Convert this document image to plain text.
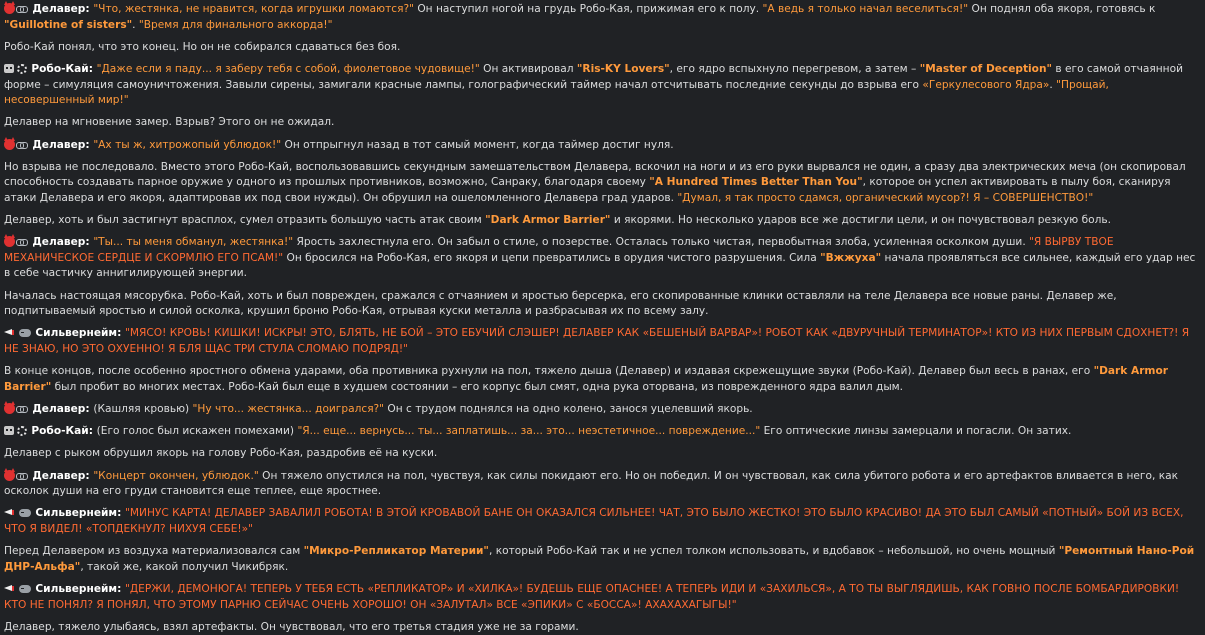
Делавер: "Что, жестянка, не нравится, когда игрушки ломаются?" Он наступил ногой на грудь Робо-Кая, прижимая его к полу. "А ведь я только начал веселиться!" Он поднял оба якоря, готовясь к "Guillotine of sisters". "Время для финального аккорда!"
Робо-Кай понял, что это конец. Но он не собирался сдаваться без боя.
Робо-Кай: "Даже если я паду... я заберу тебя с собой, фиолетовое чудовище!" Он активировал "Ris-KY Lovers", его ядро вспыхнуло перегревом, а затем – "Master of Deception" в его самой отчаянной форме – симуляция самоуничтожения. Завыли сирены, замигали красные лампы, голографический таймер начал отсчитывать последние секунды до взрыва его «Геркулесового Ядра». "Прощай, несовершенный мир!"
Делавер на мгновение замер. Взрыв? Этого он не ожидал.
Делавер: "Ах ты ж, хитрожопый ублюдок!" Он отпрыгнул назад в тот самый момент, когда таймер достиг нуля.
Но взрыва не последовало. Вместо этого Робо-Кай, воспользовавшись секундным замешательством Делавера, вскочил на ноги и из его руки вырвался не один, а сразу два электрических меча (он скопировал способность создавать парное оружие у одного из прошлых противников, возможно, Санраку, благодаря своему "A Hundred Times Better Than You", которое он успел активировать в пылу боя, сканируя атаки Делавера и его якоря, адаптировав их под свои нужды). Он обрушил на ошеломленного Делавера град ударов. "Думал, я так просто сдамся, органический мусор?! Я – СОВЕРШЕНСТВО!"
Делавер, хоть и был застигнут врасплох, сумел отразить большую часть атак своим "Dark Armor Barrier" и якорями. Но несколько ударов все же достигли цели, и он почувствовал резкую боль.
Делавер: "Ты... ты меня обманул, жестянка!" Ярость захлестнула его. Он забыл о стиле, о позерстве. Осталась только чистая, первобытная злоба, усиленная осколком души. "Я ВЫРВУ ТВОЕ МЕХАНИЧЕСКОЕ СЕРДЦЕ И СКОРМЛЮ ЕГО ПСАМ!" Он бросился на Робо-Кая, его якоря и цепи превратились в орудия чистого разрушения. Сила "Вжжуха" начала проявляться все сильнее, каждый его удар нес в себе частичку аннигилирующей энергии.
Началась настоящая мясорубка. Робо-Кай, хоть и был поврежден, сражался с отчаянием и яростью берсерка, его скопированные клинки оставляли на теле Делавера все новые раны. Делавер же, подпитываемый яростью и силой осколка, крушил броню Робо-Кая, отрывая куски металла и разбрасывая их по всему залу.
Сильвернейм: "МЯСО! КРОВЬ! КИШКИ! ИСКРЫ! ЭТО, БЛЯТЬ, НЕ БОЙ – ЭТО ЕБУЧИЙ СЛЭШЕР! ДЕЛАВЕР КАК «БЕШЕНЫЙ ВАРВАР»! РОБОТ КАК «ДВУРУЧНЫЙ ТЕРМИНАТОР»! КТО ИЗ НИХ ПЕРВЫМ СДОХНЕТ?! Я НЕ ЗНАЮ, НО ЭТО ОХУЕННО! Я БЛЯ ЩАС ТРИ СТУЛА СЛОМАЮ ПОДРЯД!"
В конце концов, после особенно яростного обмена ударами, оба противника рухнули на пол, тяжело дыша (Делавер) и издавая скрежещущие звуки (Робо-Кай). Делавер был весь в ранах, его "Dark Armor Barrier" был пробит во многих местах. Робо-Кай был еще в худшем состоянии – его корпус был смят, одна рука оторвана, из поврежденного ядра валил дым.
Делавер: (Кашляя кровью) "Ну что... жестянка... доигрался?" Он с трудом поднялся на одно колено, занося уцелевший якорь.
Робо-Кай: (Его голос был искажен помехами) "Я... еще... вернусь... ты... заплатишь... за... это... неэстетичное... повреждение..." Его оптические линзы замерцали и погасли. Он затих.
Делавер с рыком обрушил якорь на голову Робо-Кая, раздробив её на куски.
Делавер: "Концерт окончен, ублюдок." Он тяжело опустился на пол, чувствуя, как силы покидают его. Но он победил. И он чувствовал, как сила убитого робота и его артефактов вливается в него, как осколок души на его груди становится еще теплее, еще яростнее.
Сильвернейм: "МИНУС КАРТА! ДЕЛАВЕР ЗАВАЛИЛ РОБОТА! В ЭТОЙ КРОВАВОЙ БАНЕ ОН ОКАЗАЛСЯ СИЛЬНЕЕ! ЧАТ, ЭТО БЫЛО ЖЕСТКО! ЭТО БЫЛО КРАСИВО! ДА ЭТО БЫЛ САМЫЙ «ПОТНЫЙ» БОЙ ИЗ ВСЕХ, ЧТО Я ВИДЕЛ! «ТОПДЕКНУЛ? НИХУЯ СЕБЕ!»"
Перед Делавером из воздуха материализовался сам "Микро-Репликатор Материи", который Робо-Кай так и не успел толком использовать, и вдобавок – небольшой, но очень мощный "Ремонтный Нано-Рой ДНР-Альфа", такой же, какой получил Чикибряк.
Сильвернейм: "ДЕРЖИ, ДЕМОНЮГА! ТЕПЕРЬ У ТЕБЯ ЕСТЬ «РЕПЛИКАТОР» И «ХИЛКА»! БУДЕШЬ ЕЩЕ ОПАСНЕЕ! А ТЕПЕРЬ ИДИ И «ЗАХИЛЬСЯ», А ТО ТЫ ВЫГЛЯДИШЬ, КАК ГОВНО ПОСЛЕ БОМБАРДИРОВКИ! КТО НЕ ПОНЯЛ? Я ПОНЯЛ, ЧТО ЭТОМУ ПАРНЮ СЕЙЧАС ОЧЕНЬ ХОРОШО! ОН «ЗАЛУТАЛ» ВСЕ «ЭПИКИ» С «БОССА»! АХАХАХАГЫГЫ!"
Делавер, тяжело улыбаясь, взял артефакты. Он чувствовал, что его третья стадия уже не за горами.
